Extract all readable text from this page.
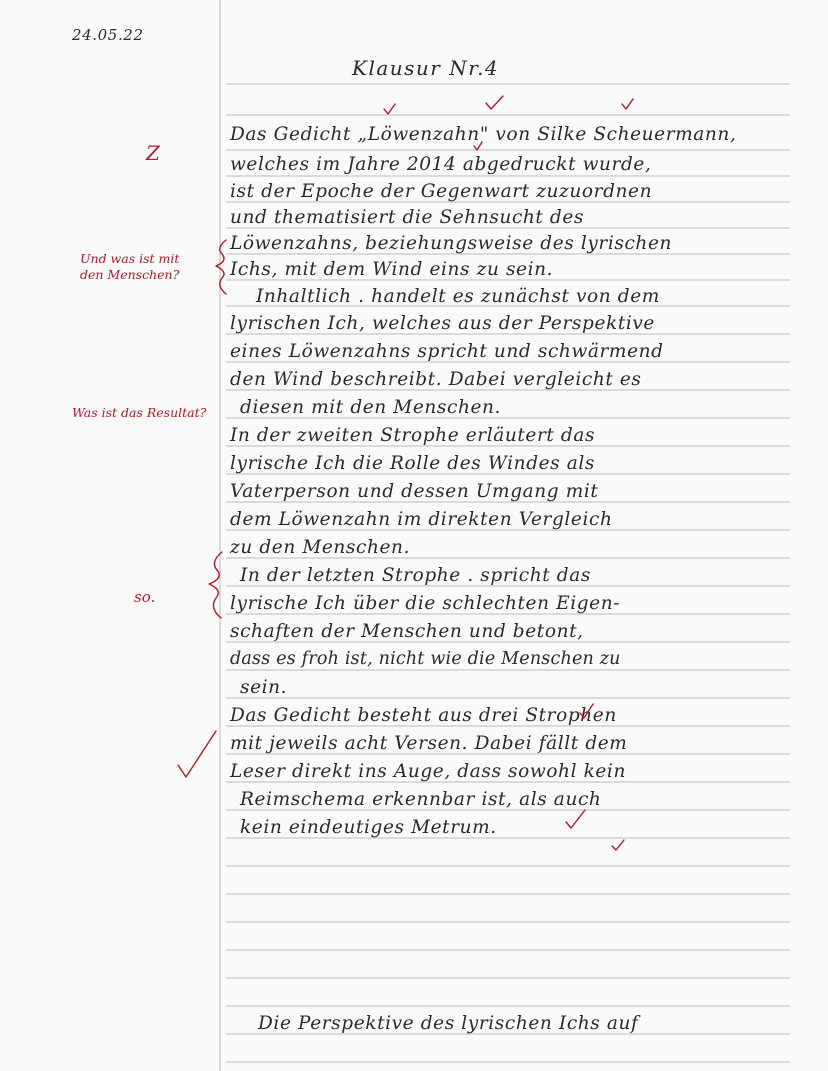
24.05.22
Klausur Nr.4
Das Gedicht „Löwenzahn" von Silke Scheuermann,
welches im Jahre 2014 abgedruckt wurde,
ist der Epoche der Gegenwart zuzuordnen
und thematisiert die Sehnsucht des
Löwenzahns, beziehungsweise des lyrischen
Ichs, mit dem Wind eins zu sein.
Inhaltlich . handelt es zunächst von dem
lyrischen Ich, welches aus der Perspektive
eines Löwenzahns spricht und schwärmend
den Wind beschreibt. Dabei vergleicht es
diesen mit den Menschen.
In der zweiten Strophe erläutert das
lyrische Ich die Rolle des Windes als
Vaterperson und dessen Umgang mit
dem Löwenzahn im direkten Vergleich
zu den Menschen.
In der letzten Strophe . spricht das
lyrische Ich über die schlechten Eigen-
schaften der Menschen und betont,
dass es froh ist, nicht wie die Menschen zu
sein.
Das Gedicht besteht aus drei Strophen
mit jeweils acht Versen. Dabei fällt dem
Leser direkt ins Auge, dass sowohl kein
Reimschema erkennbar ist, als auch
kein eindeutiges Metrum.
Die Perspektive des lyrischen Ichs auf
Z
Und was ist mit
den Menschen?
Was ist das Resultat?
so.
